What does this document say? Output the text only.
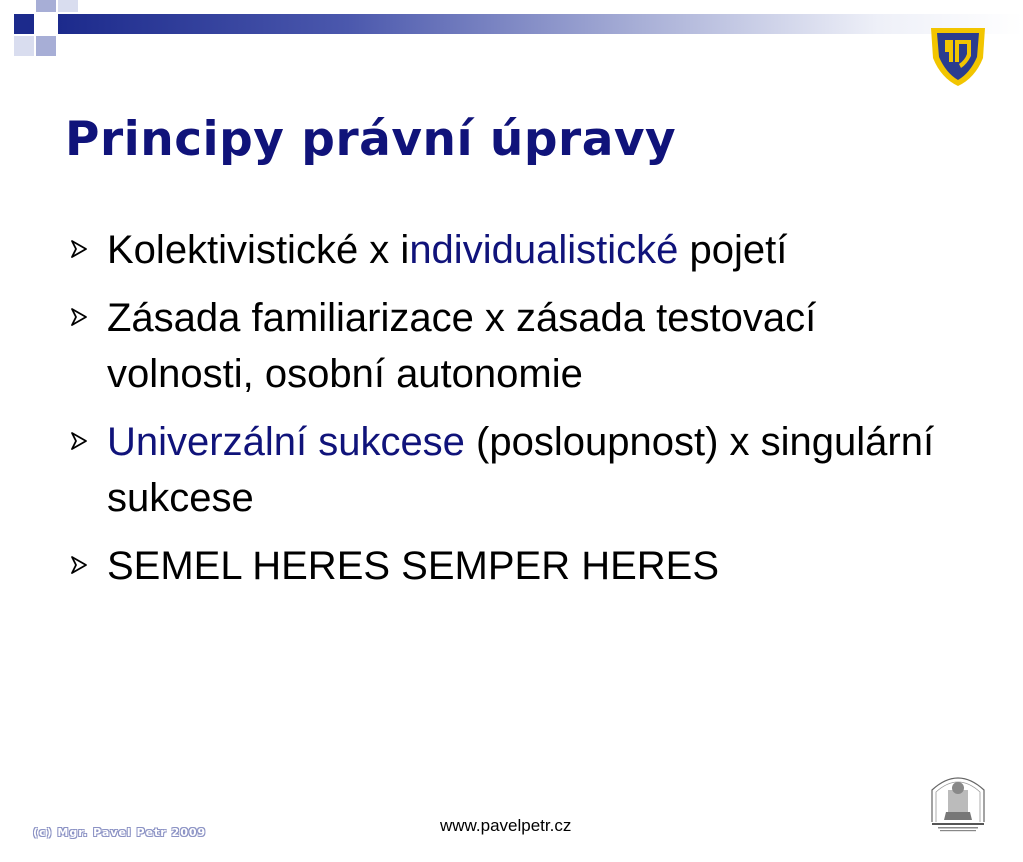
Principy právní úpravy
Kolektivistické x individualistické pojetí
Zásada familiarizace x zásada testovací volnosti, osobní autonomie
Univerzální sukcese (posloupnost) x singulární sukcese
SEMEL HERES SEMPER HERES
(c) Mgr. Pavel Petr 2009	www.pavelpetr.cz
